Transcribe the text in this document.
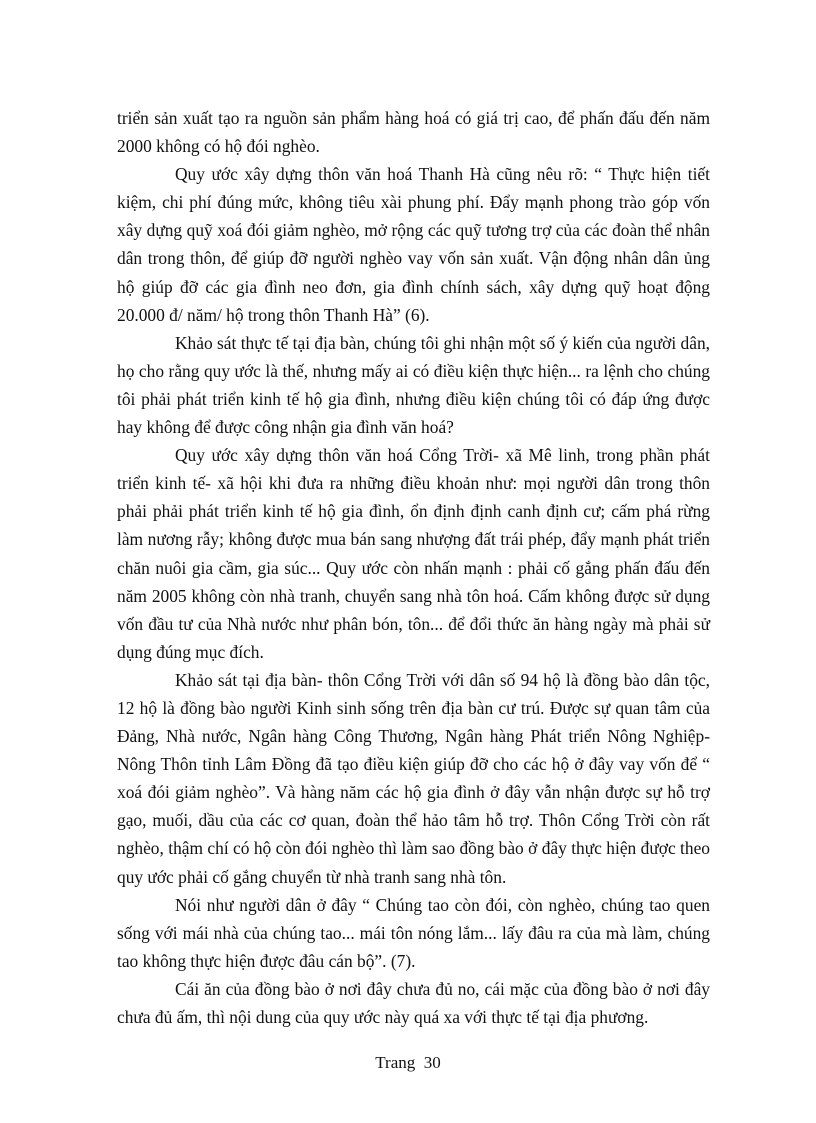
triển sản xuất tạo ra nguồn sản phẩm hàng hoá có giá trị cao, để phấn đấu đến năm 2000 không có hộ đói nghèo.

Quy ước xây dựng thôn văn hoá Thanh Hà cũng nêu rõ: “ Thực hiện tiết kiệm, chi phí đúng mức, không tiêu xài phung phí. Đẩy mạnh phong trào góp vốn xây dựng quỹ xoá đói giảm nghèo, mở rộng các quỹ tương trợ của các đoàn thể nhân dân trong thôn, để giúp đỡ người nghèo vay vốn sản xuất. Vận động nhân dân ủng hộ giúp đỡ các gia đình neo đơn, gia đình chính sách, xây dựng quỹ hoạt động 20.000 đ/ năm/ hộ trong thôn Thanh Hà” (6).

Khảo sát thực tế tại địa bàn, chúng tôi ghi nhận một số ý kiến của người dân, họ cho rằng quy ước là thế, nhưng mấy ai có điều kiện thực hiện... ra lệnh cho chúng tôi phải phát triển kinh tế hộ gia đình, nhưng điều kiện chúng tôi có đáp ứng được hay không để được công nhận gia đình văn hoá?

Quy ước xây dựng thôn văn hoá Cổng Trời- xã Mê linh, trong phần phát triển kinh tế- xã hội khi đưa ra những điều khoản như: mọi người dân trong thôn phải phải phát triển kinh tế hộ gia đình, ổn định định canh định cư; cấm phá rừng làm nương rẫy; không được mua bán sang nhượng đất trái phép, đẩy mạnh phát triển chăn nuôi gia cầm, gia súc... Quy ước còn nhấn mạnh : phải cố gắng phấn đấu đến năm 2005 không còn nhà tranh, chuyển sang nhà tôn hoá. Cấm không được sử dụng vốn đầu tư của Nhà nước như phân bón, tôn... để đổi thức ăn hàng ngày mà phải sử dụng đúng mục đích.

Khảo sát tại địa bàn- thôn Cổng Trời với dân số 94 hộ là đồng bào dân tộc, 12 hộ là đồng bào người Kinh sinh sống trên địa bàn cư trú. Được sự quan tâm của Đảng, Nhà nước, Ngân hàng Công Thương, Ngân hàng Phát triển Nông Nghiệp- Nông Thôn tỉnh Lâm Đồng đã tạo điều kiện giúp đỡ cho các hộ ở đây vay vốn để “ xoá đói giảm nghèo”. Và hàng năm các hộ gia đình ở đây vẫn nhận được sự hỗ trợ gạo, muối, dầu của các cơ quan, đoàn thể hảo tâm hỗ trợ. Thôn Cổng Trời còn rất nghèo, thậm chí có hộ còn đói nghèo thì làm sao đồng bào ở đây thực hiện được theo quy ước phải cố gắng chuyển từ nhà tranh sang nhà tôn.

Nói như người dân ở đây “ Chúng tao còn đói, còn nghèo, chúng tao quen sống với mái nhà của chúng tao... mái tôn nóng lắm... lấy đâu ra của mà làm, chúng tao không thực hiện được đâu cán bộ”. (7).

Cái ăn của đồng bào ở nơi đây chưa đủ no, cái mặc của đồng bào ở nơi đây chưa đủ ấm, thì nội dung của quy ước này quá xa với thực tế tại địa phương.

Trang  30
